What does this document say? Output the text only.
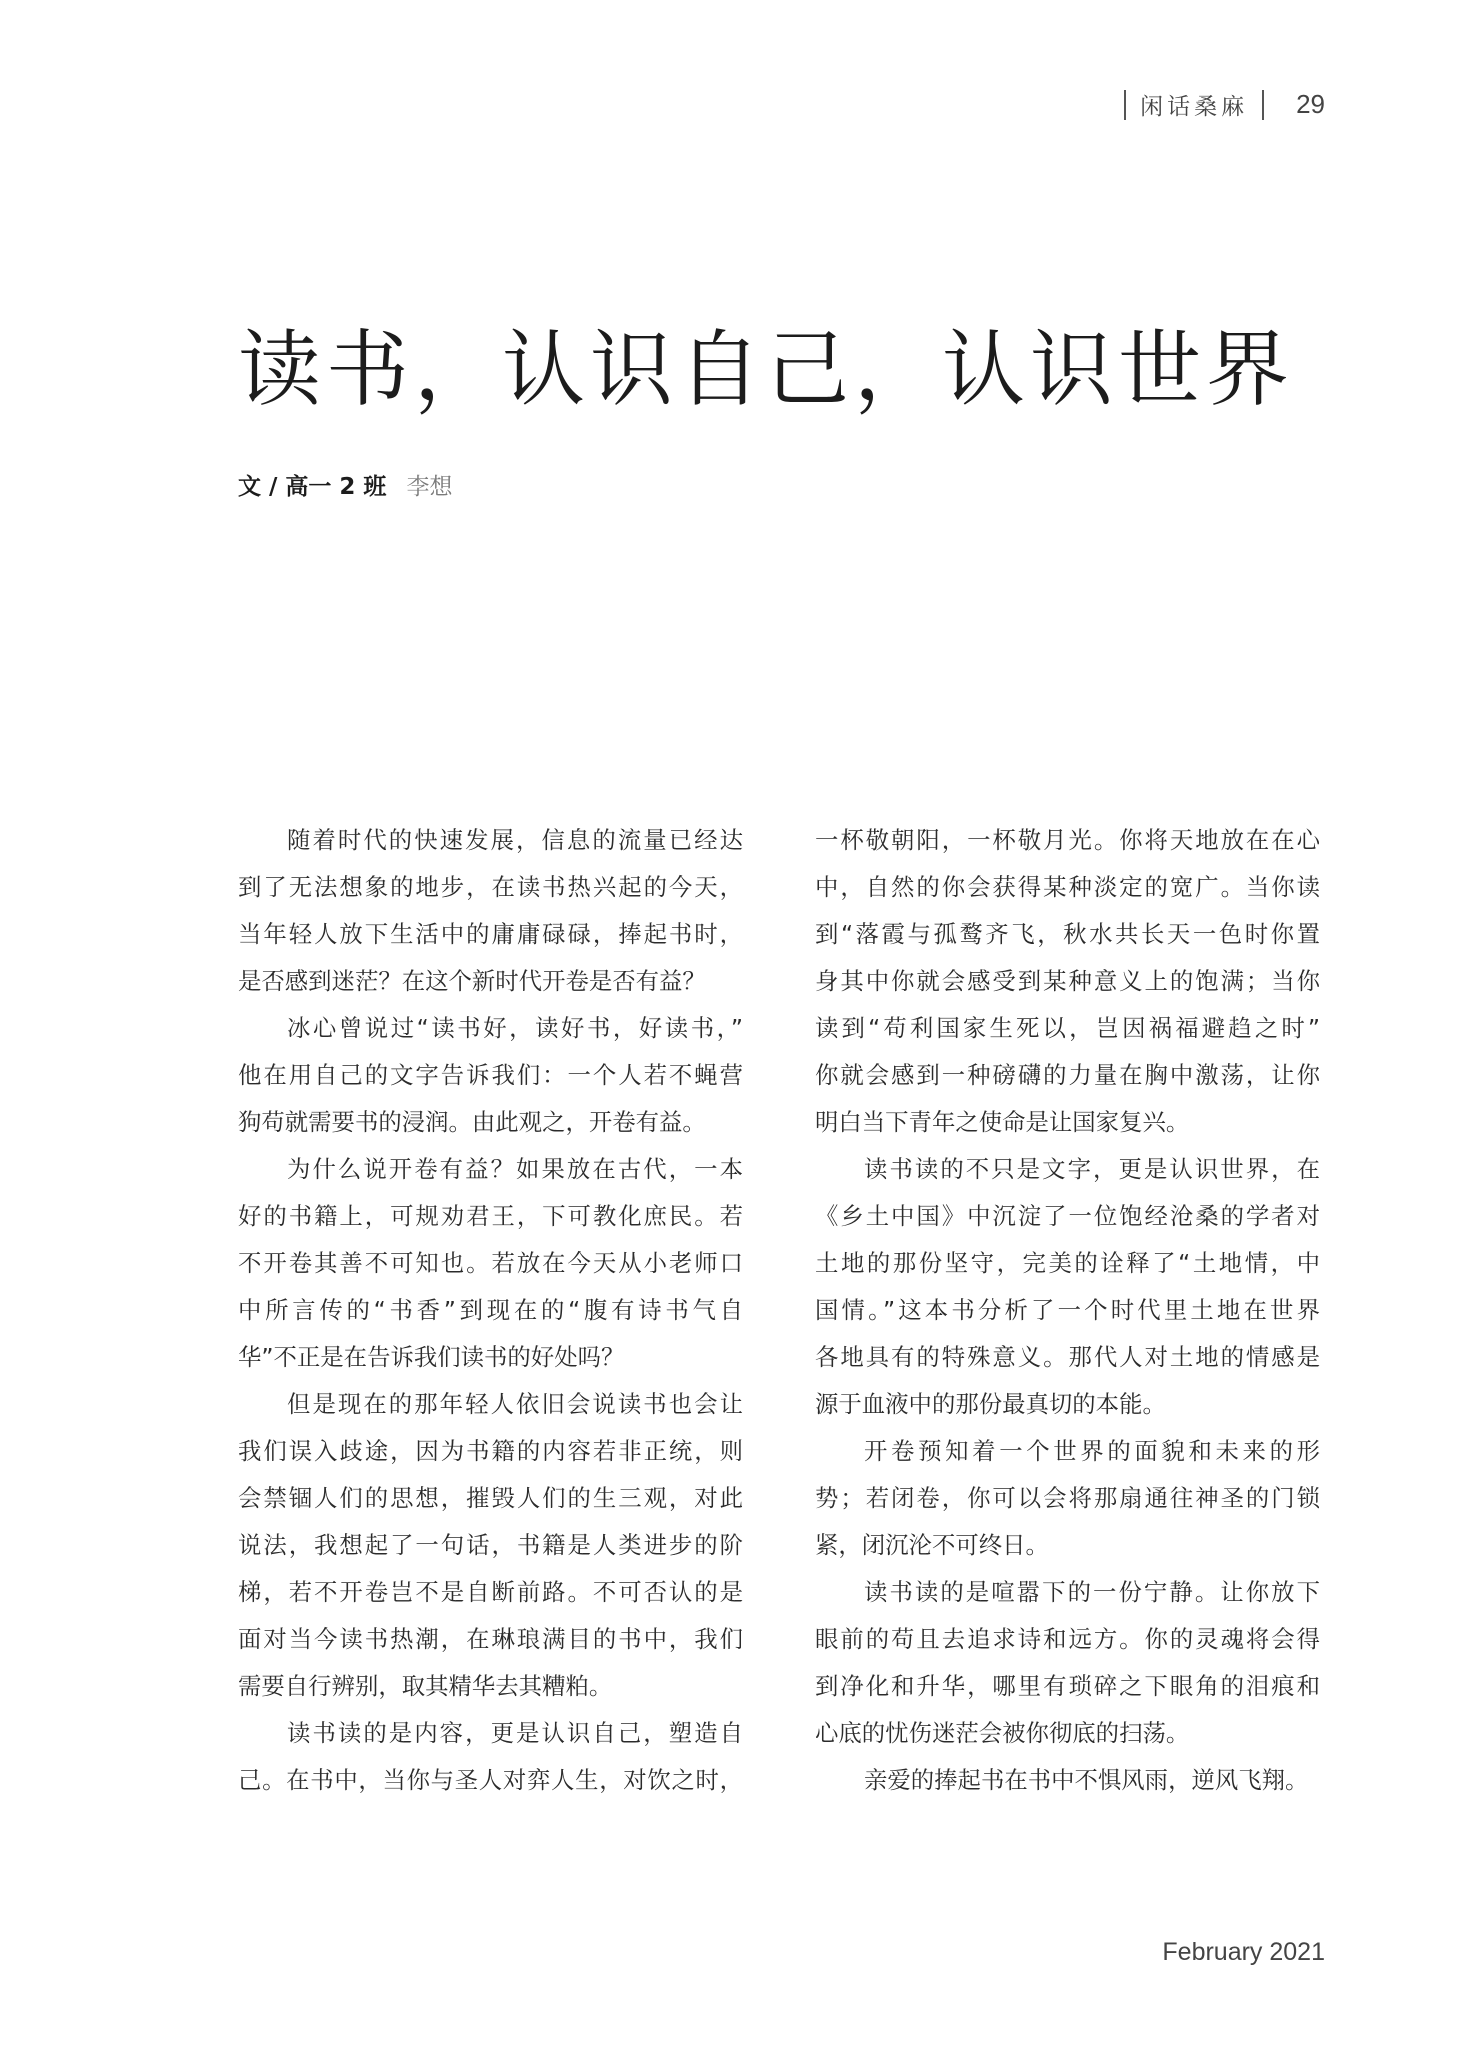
闲话桑麻 29
读书，认识自己，认识世界
文 / 高一 2 班 李想
随着时代的快速发展，信息的流量已经达
到了无法想象的地步，在读书热兴起的今天，
当年轻人放下生活中的庸庸碌碌，捧起书时，
是否感到迷茫？在这个新时代开卷是否有益？
冰心曾说过“读书好，读好书，好读书，”
他在用自己的文字告诉我们：一个人若不蝇营
狗苟就需要书的浸润。由此观之，开卷有益。
为什么说开卷有益？如果放在古代，一本
好的书籍上，可规劝君王，下可教化庶民。若
不开卷其善不可知也。若放在今天从小老师口
中所言传的“书香”到现在的“腹有诗书气自
华”不正是在告诉我们读书的好处吗？
但是现在的那年轻人依旧会说读书也会让
我们误入歧途，因为书籍的内容若非正统，则
会禁锢人们的思想，摧毁人们的生三观，对此
说法，我想起了一句话，书籍是人类进步的阶
梯，若不开卷岂不是自断前路。不可否认的是
面对当今读书热潮，在琳琅满目的书中，我们
需要自行辨别，取其精华去其糟粕。
读书读的是内容，更是认识自己，塑造自
己。在书中，当你与圣人对弈人生，对饮之时，
一杯敬朝阳，一杯敬月光。你将天地放在在心
中，自然的你会获得某种淡定的宽广。当你读
到“落霞与孤鹜齐飞，秋水共长天一色时你置
身其中你就会感受到某种意义上的饱满；当你
读到“苟利国家生死以，岂因祸福避趋之时”
你就会感到一种磅礴的力量在胸中激荡，让你
明白当下青年之使命是让国家复兴。
读书读的不只是文字，更是认识世界，在
《乡土中国》中沉淀了一位饱经沧桑的学者对
土地的那份坚守，完美的诠释了“土地情，中
国情。”这本书分析了一个时代里土地在世界
各地具有的特殊意义。那代人对土地的情感是
源于血液中的那份最真切的本能。
开卷预知着一个世界的面貌和未来的形
势；若闭卷，你可以会将那扇通往神圣的门锁
紧，闭沉沦不可终日。
读书读的是喧嚣下的一份宁静。让你放下
眼前的苟且去追求诗和远方。你的灵魂将会得
到净化和升华，哪里有琐碎之下眼角的泪痕和
心底的忧伤迷茫会被你彻底的扫荡。
亲爱的捧起书在书中不惧风雨，逆风飞翔。
February 2021
